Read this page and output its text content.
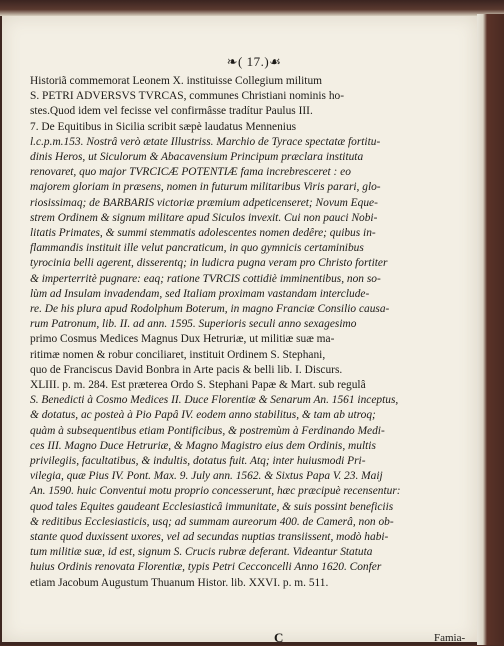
❧( 17.)☙
Historiã commemorat Leonem X. instituisse Collegium militum
S. PETRI ADVERSVS TVRCAS, communes Christiani nominis ho-
stes.Quod idem vel fecisse vel confirmâsse tradítur Paulus III.
7. De Equitibus in Sicilia scribit sæpè laudatus Mennenius
l.c.p.m.153. Nostrâ verò ætate Illustriss. Marchio de Tyrace spectatæ fortitu-
dinis Heros, ut Siculorum & Abacavensium Principum præclara instituta
renovaret, quo major TVRCICÆ POTENTIÆ fama increbresceret : eo
majorem gloriam in præsens, nomen in futurum militaribus Viris parari, glo-
riosissimaq; de BARBARIS victoriæ præmium adpeticenseret; Novum Eque-
strem Ordinem & signum militare apud Siculos invexit. Cui non pauci Nobi-
litatis Primates, & summi stemmatis adolescentes nomen dedêre; quibus in-
flammandis instituit ille velut pancraticum, in quo gymnicis certaminibus
tyrocinia belli agerent, disserentq; in ludicra pugna veram pro Christo fortiter
& imperterritè pugnare: eaq; ratione TVRCIS cottidiè imminentibus, non so-
lùm ad Insulam invadendam, sed Italiam proximam vastandam interclude-
re. De his plura apud Rodolphum Boterum, in magno Franciæ Consilio causa-
rum Patronum, lib. II. ad ann. 1595. Superioris seculi anno sexagesimo
primo Cosmus Medices Magnus Dux Hetruriæ, ut militiæ suæ ma-
ritimæ nomen & robur conciliaret, instituit Ordinem S. Stephani,
quo de Franciscus David Bonbra in Arte pacis & belli lib. I. Discurs.
XLIII. p. m. 284. Est præterea Ordo S. Stephani Papæ & Mart. sub regulâ
S. Benedicti à Cosmo Medices II. Duce Florentiæ & Senarum An. 1561 inceptus,
& dotatus, ac posteà à Pio Papâ IV. eodem anno stabilitus, & tam ab utroq;
quàm à subsequentibus etiam Pontificibus, & postremùm à Ferdinando Medi-
ces III. Magno Duce Hetruriæ, & Magno Magistro eius dem Ordinis, multis
privilegiis, facultatibus, & indultis, dotatus fuit. Atq; inter huiusmodi Pri-
vilegia, quæ Pius IV. Pont. Max. 9. July ann. 1562. & Sixtus Papa V. 23. Maij
An. 1590. huic Conventui motu proprio concesserunt, hæc præcipuè recensentur:
quod tales Equites gaudeant Ecclesiasticâ immunitate, & suis possint beneficiis
& reditibus Ecclesiasticis, usq; ad summam aureorum 400. de Camerâ, non ob-
stante quod duxissent uxores, vel ad secundas nuptias transiissent, modò habi-
tum militiæ suæ, id est, signum S. Crucis rubræ deferant. Videantur Statuta
huius Ordinis renovata Florentiæ, typis Petri Cecconcelli Anno 1620. Confer
etiam Jacobum Augustum Thuanum Histor. lib. XXVI. p. m. 511.
C	Famia-
